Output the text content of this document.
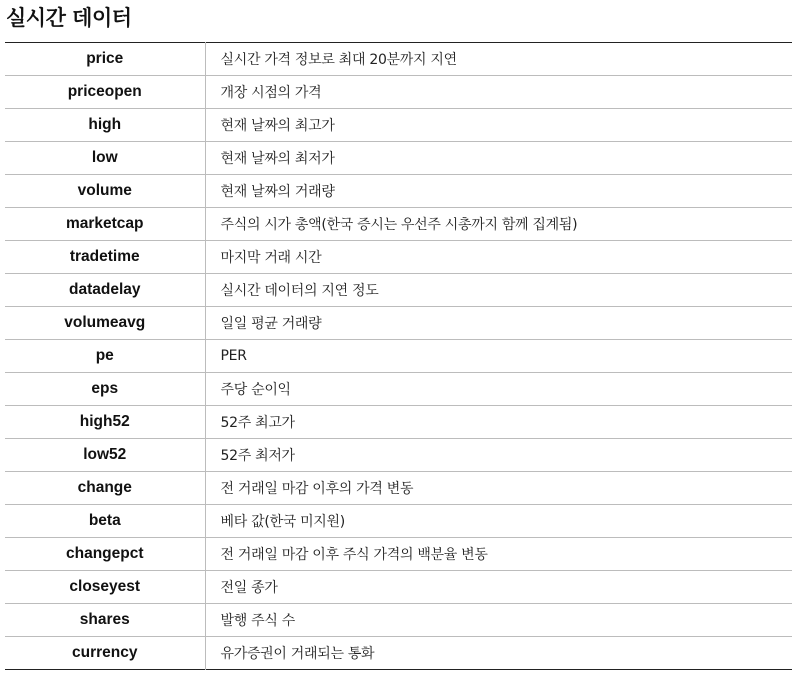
실시간 데이터
price	실시간 가격 정보로 최대 20분까지 지연
priceopen	개장 시점의 가격
high	현재 날짜의 최고가
low	현재 날짜의 최저가
volume	현재 날짜의 거래량
marketcap	주식의 시가 총액(한국 증시는 우선주 시총까지 함께 집계됨)
tradetime	마지막 거래 시간
datadelay	실시간 데이터의 지연 정도
volumeavg	일일 평균 거래량
pe	PER
eps	주당 순이익
high52	52주 최고가
low52	52주 최저가
change	전 거래일 마감 이후의 가격 변동
beta	베타 값(한국 미지원)
changepct	전 거래일 마감 이후 주식 가격의 백분율 변동
closeyest	전일 종가
shares	발행 주식 수
currency	유가증권이 거래되는 통화
